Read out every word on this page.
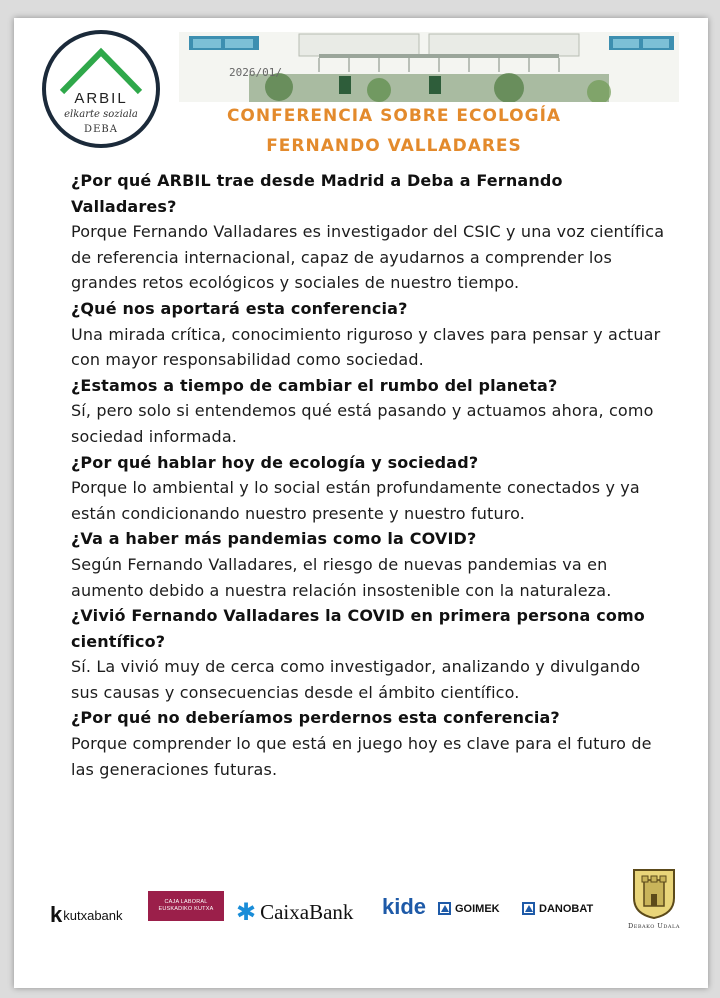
ARBIL
elkarte soziala
DEBA
2026/01/
CONFERENCIA SOBRE ECOLOGÍA
FERNANDO VALLADARES

¿Por qué ARBIL trae desde Madrid a Deba a Fernando Valladares?

Porque Fernando Valladares es investigador del CSIC y una voz científica de referencia internacional, capaz de ayudarnos a comprender los grandes retos ecológicos y sociales de nuestro tiempo.

¿Qué nos aportará esta conferencia?

Una mirada crítica, conocimiento riguroso y claves para pensar y actuar con mayor responsabilidad como sociedad.

¿Estamos a tiempo de cambiar el rumbo del planeta?

Sí, pero solo si entendemos qué está pasando y actuamos ahora, como sociedad informada.

¿Por qué hablar hoy de ecología y sociedad?

Porque lo ambiental y lo social están profundamente conectados y ya están condicionando nuestro presente y nuestro futuro.

¿Va a haber más pandemias como la COVID?

Según Fernando Valladares, el riesgo de nuevas pandemias va en aumento debido a nuestra relación insostenible con la naturaleza.

¿Vivió Fernando Valladares la COVID en primera persona como científico?

Sí. La vivió muy de cerca como investigador, analizando y divulgando sus causas y consecuencias desde el ámbito científico.

¿Por qué no deberíamos perdernos esta conferencia?

Porque comprender lo que está en juego hoy es clave para el futuro de las generaciones futuras.

k kutxabank
CAJA LABORAL
EUSKADIKO KUTXA ✱ CaixaBank kide	GOIMEK	DANOBAT
Debako Udala
